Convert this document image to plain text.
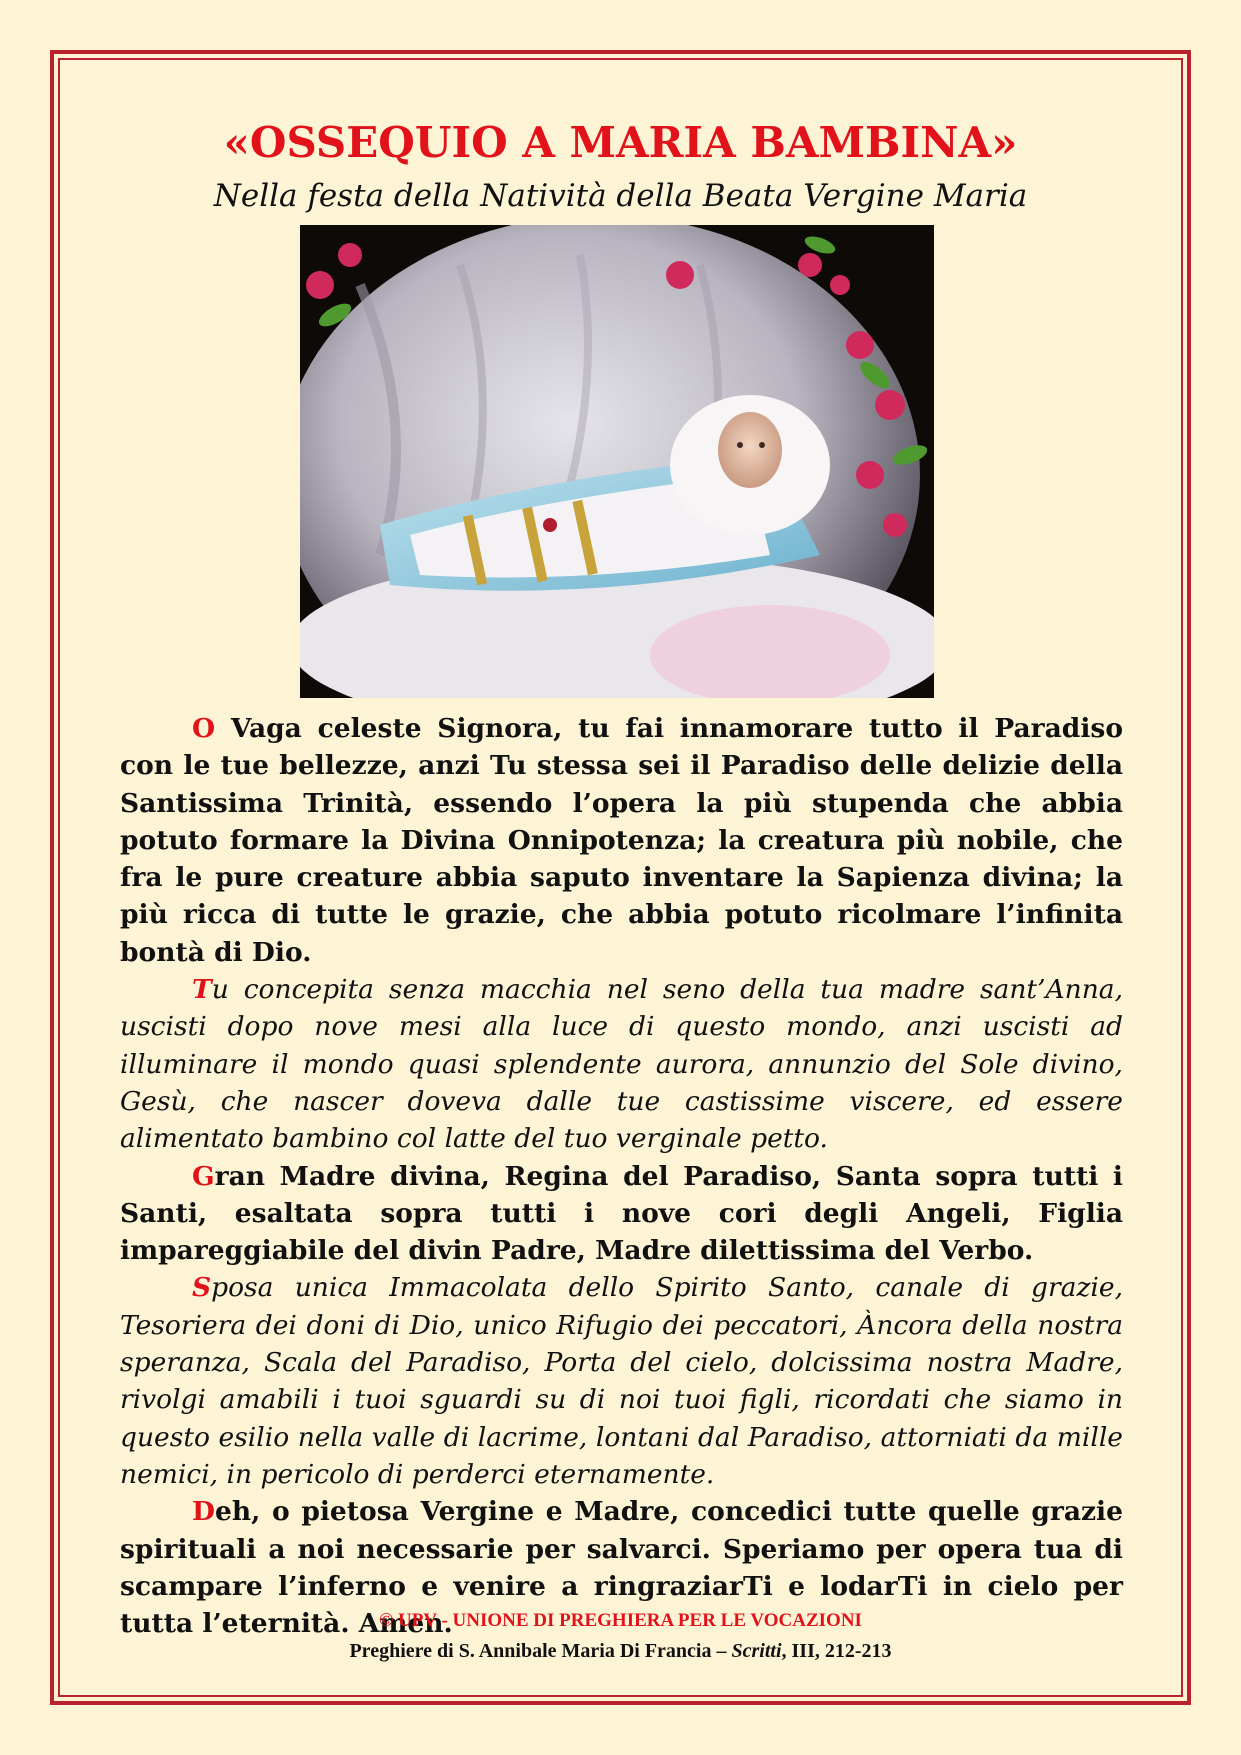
«OSSEQUIO A MARIA BAMBINA»
Nella festa della Natività della Beata Vergine Maria

O Vaga celeste Signora, tu fai innamorare tutto il Paradiso con le tue bellezze, anzi Tu stessa sei il Paradiso delle delizie della Santissima Trinità, essendo l’opera la più stupenda che abbia potuto formare la Divina Onnipotenza; la creatura più nobile, che fra le pure creature abbia saputo inventare la Sapienza divina; la più ricca di tutte le grazie, che abbia potuto ricolmare l’infinita bontà di Dio.

Tu concepita senza macchia nel seno della tua madre sant’Anna, uscisti dopo nove mesi alla luce di questo mondo, anzi uscisti ad illuminare il mondo quasi splendente aurora, annunzio del Sole divino, Gesù, che nascer doveva dalle tue castissime viscere, ed essere alimentato bambino col latte del tuo verginale petto.

Gran Madre divina, Regina del Paradiso, Santa sopra tutti i Santi, esaltata sopra tutti i nove cori degli Angeli, Figlia impareggiabile del divin Padre, Madre dilettissima del Verbo.

Sposa unica Immacolata dello Spirito Santo, canale di grazie, Tesoriera dei doni di Dio, unico Rifugio dei peccatori, Àncora della nostra speranza, Scala del Paradiso, Porta del cielo, dolcissima nostra Madre, rivolgi amabili i tuoi sguardi su di noi tuoi figli, ricordati che siamo in questo esilio nella valle di lacrime, lontani dal Paradiso, attorniati da mille nemici, in pericolo di perderci eternamente.

Deh, o pietosa Vergine e Madre, concedici tutte quelle grazie spirituali a noi necessarie per salvarci. Speriamo per opera tua di scampare l’inferno e venire a ringraziarTi e lodarTi in cielo per tutta l’eternità. Amen.

© UPV - UNIONE DI PREGHIERA PER LE VOCAZIONI
Preghiere di S. Annibale Maria Di Francia – Scritti, III, 212-213
